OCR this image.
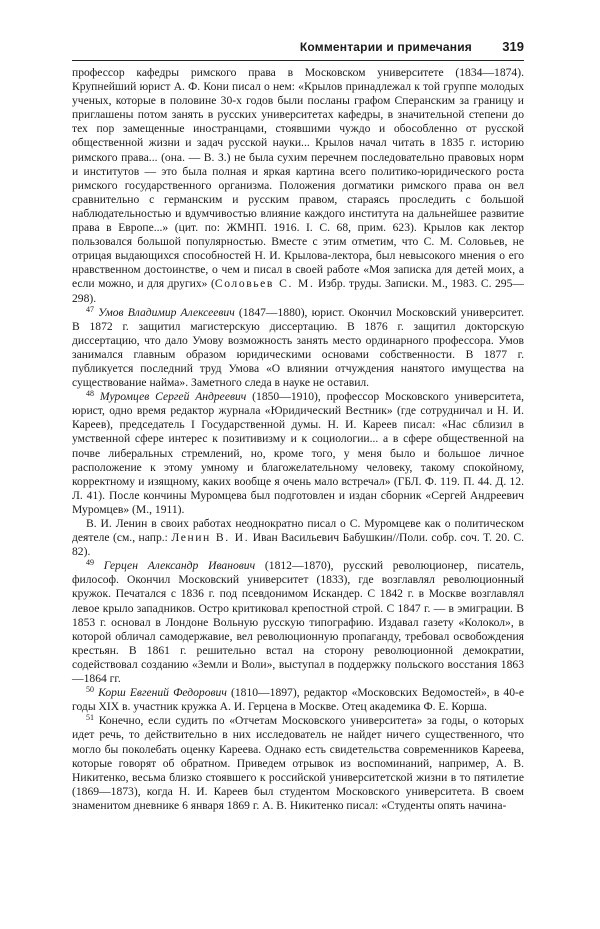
Комментарии и примечания 319

профессор кафедры римского права в Московском университете (1834—1874). Крупнейший юрист А. Ф. Кони писал о нем: «Крылов принадлежал к той группе молодых ученых, которые в половине 30-х годов были посланы графом Сперанским за границу и приглашены потом занять в русских университетах кафедры, в значительной степени до тех пор замещенные иностранцами, стоявшими чуждо и обособленно от русской общественной жизни и задач русской науки... Крылов начал читать в 1835 г. историю римского права... (она. — В. З.) не была сухим перечнем последовательно правовых норм и институтов — это была полная и яркая картина всего политико-юридического роста римского государственного организма. Положения догматики римского права он вел сравнительно с германским и русским правом, стараясь проследить с большой наблюдательностью и вдумчивостью влияние каждого института на дальнейшее развитие права в Европе...» (цит. по: ЖМНП. 1916. I. С. 68, прим. 623). Крылов как лектор пользовался большой популярностью. Вместе с этим отметим, что С. М. Соловьев, не отрицая выдающихся способностей Н. И. Крылова-лектора, был невысокого мнения о его нравственном достоинстве, о чем и писал в своей работе «Моя записка для детей моих, а если можно, и для других» (Соловьев С. М. Избр. труды. Записки. М., 1983. С. 295—298).

$^{47}$ Умов Владимир Алексеевич (1847—1880), юрист. Окончил Московский университет. В 1872 г. защитил магистерскую диссертацию. В 1876 г. защитил докторскую диссертацию, что дало Умову возможность занять место ординарного профессора. Умов занимался главным образом юридическими основами собственности. В 1877 г. публикуется последний труд Умова «О влиянии отчуждения нанятого имущества на существование найма». Заметного следа в науке не оставил.

$^{48}$ Муромцев Сергей Андреевич (1850—1910), профессор Московского университета, юрист, одно время редактор журнала «Юридический Вестник» (где сотрудничал и Н. И. Кареев), председатель I Государственной думы. Н. И. Кареев писал: «Нас сблизил в умственной сфере интерес к позитивизму и к социологии... а в сфере общественной на почве либеральных стремлений, но, кроме того, у меня было и большое личное расположение к этому умному и благожелательному человеку, такому спокойному, корректному и изящному, каких вообще я очень мало встречал» (ГБЛ. Ф. 119. П. 44. Д. 12. Л. 41). После кончины Муромцева был подготовлен и издан сборник «Сергей Андреевич Муромцев» (М., 1911).

В. И. Ленин в своих работах неоднократно писал о С. Муромцеве как о политическом деятеле (см., напр.: Ленин В. И. Иван Васильевич Бабушкин//Поли. собр. соч. Т. 20. С. 82).

$^{49}$ Герцен Александр Иванович (1812—1870), русский революционер, писатель, философ. Окончил Московский университет (1833), где возглавлял революционный кружок. Печатался с 1836 г. под псевдонимом Искандер. С 1842 г. в Москве возглавлял левое крыло западников. Остро критиковал крепостной строй. С 1847 г. — в эмиграции. В 1853 г. основал в Лондоне Вольную русскую типографию. Издавал газету «Колокол», в которой обличал самодержавие, вел революционную пропаганду, требовал освобождения крестьян. В 1861 г. решительно встал на сторону революционной демократии, содействовал созданию «Земли и Воли», выступал в поддержку польского восстания 1863—1864 гг.

$^{50}$ Корш Евгений Федорович (1810—1897), редактор «Московских Ведомостей», в 40-е годы XIX в. участник кружка А. И. Герцена в Москве. Отец академика Ф. Е. Корша.

$^{51}$ Конечно, если судить по «Отчетам Московского университета» за годы, о которых идет речь, то действительно в них исследователь не найдет ничего существенного, что могло бы поколебать оценку Кареева. Однако есть свидетельства современников Кареева, которые говорят об обратном. Приведем отрывок из воспоминаний, например, А. В. Никитенко, весьма близко стоявшего к российской университетской жизни в то пятилетие (1869—1873), когда Н. И. Кареев был студентом Московского университета. В своем знаменитом дневнике 6 января 1869 г. А. В. Никитенко писал: «Студенты опять начина-
